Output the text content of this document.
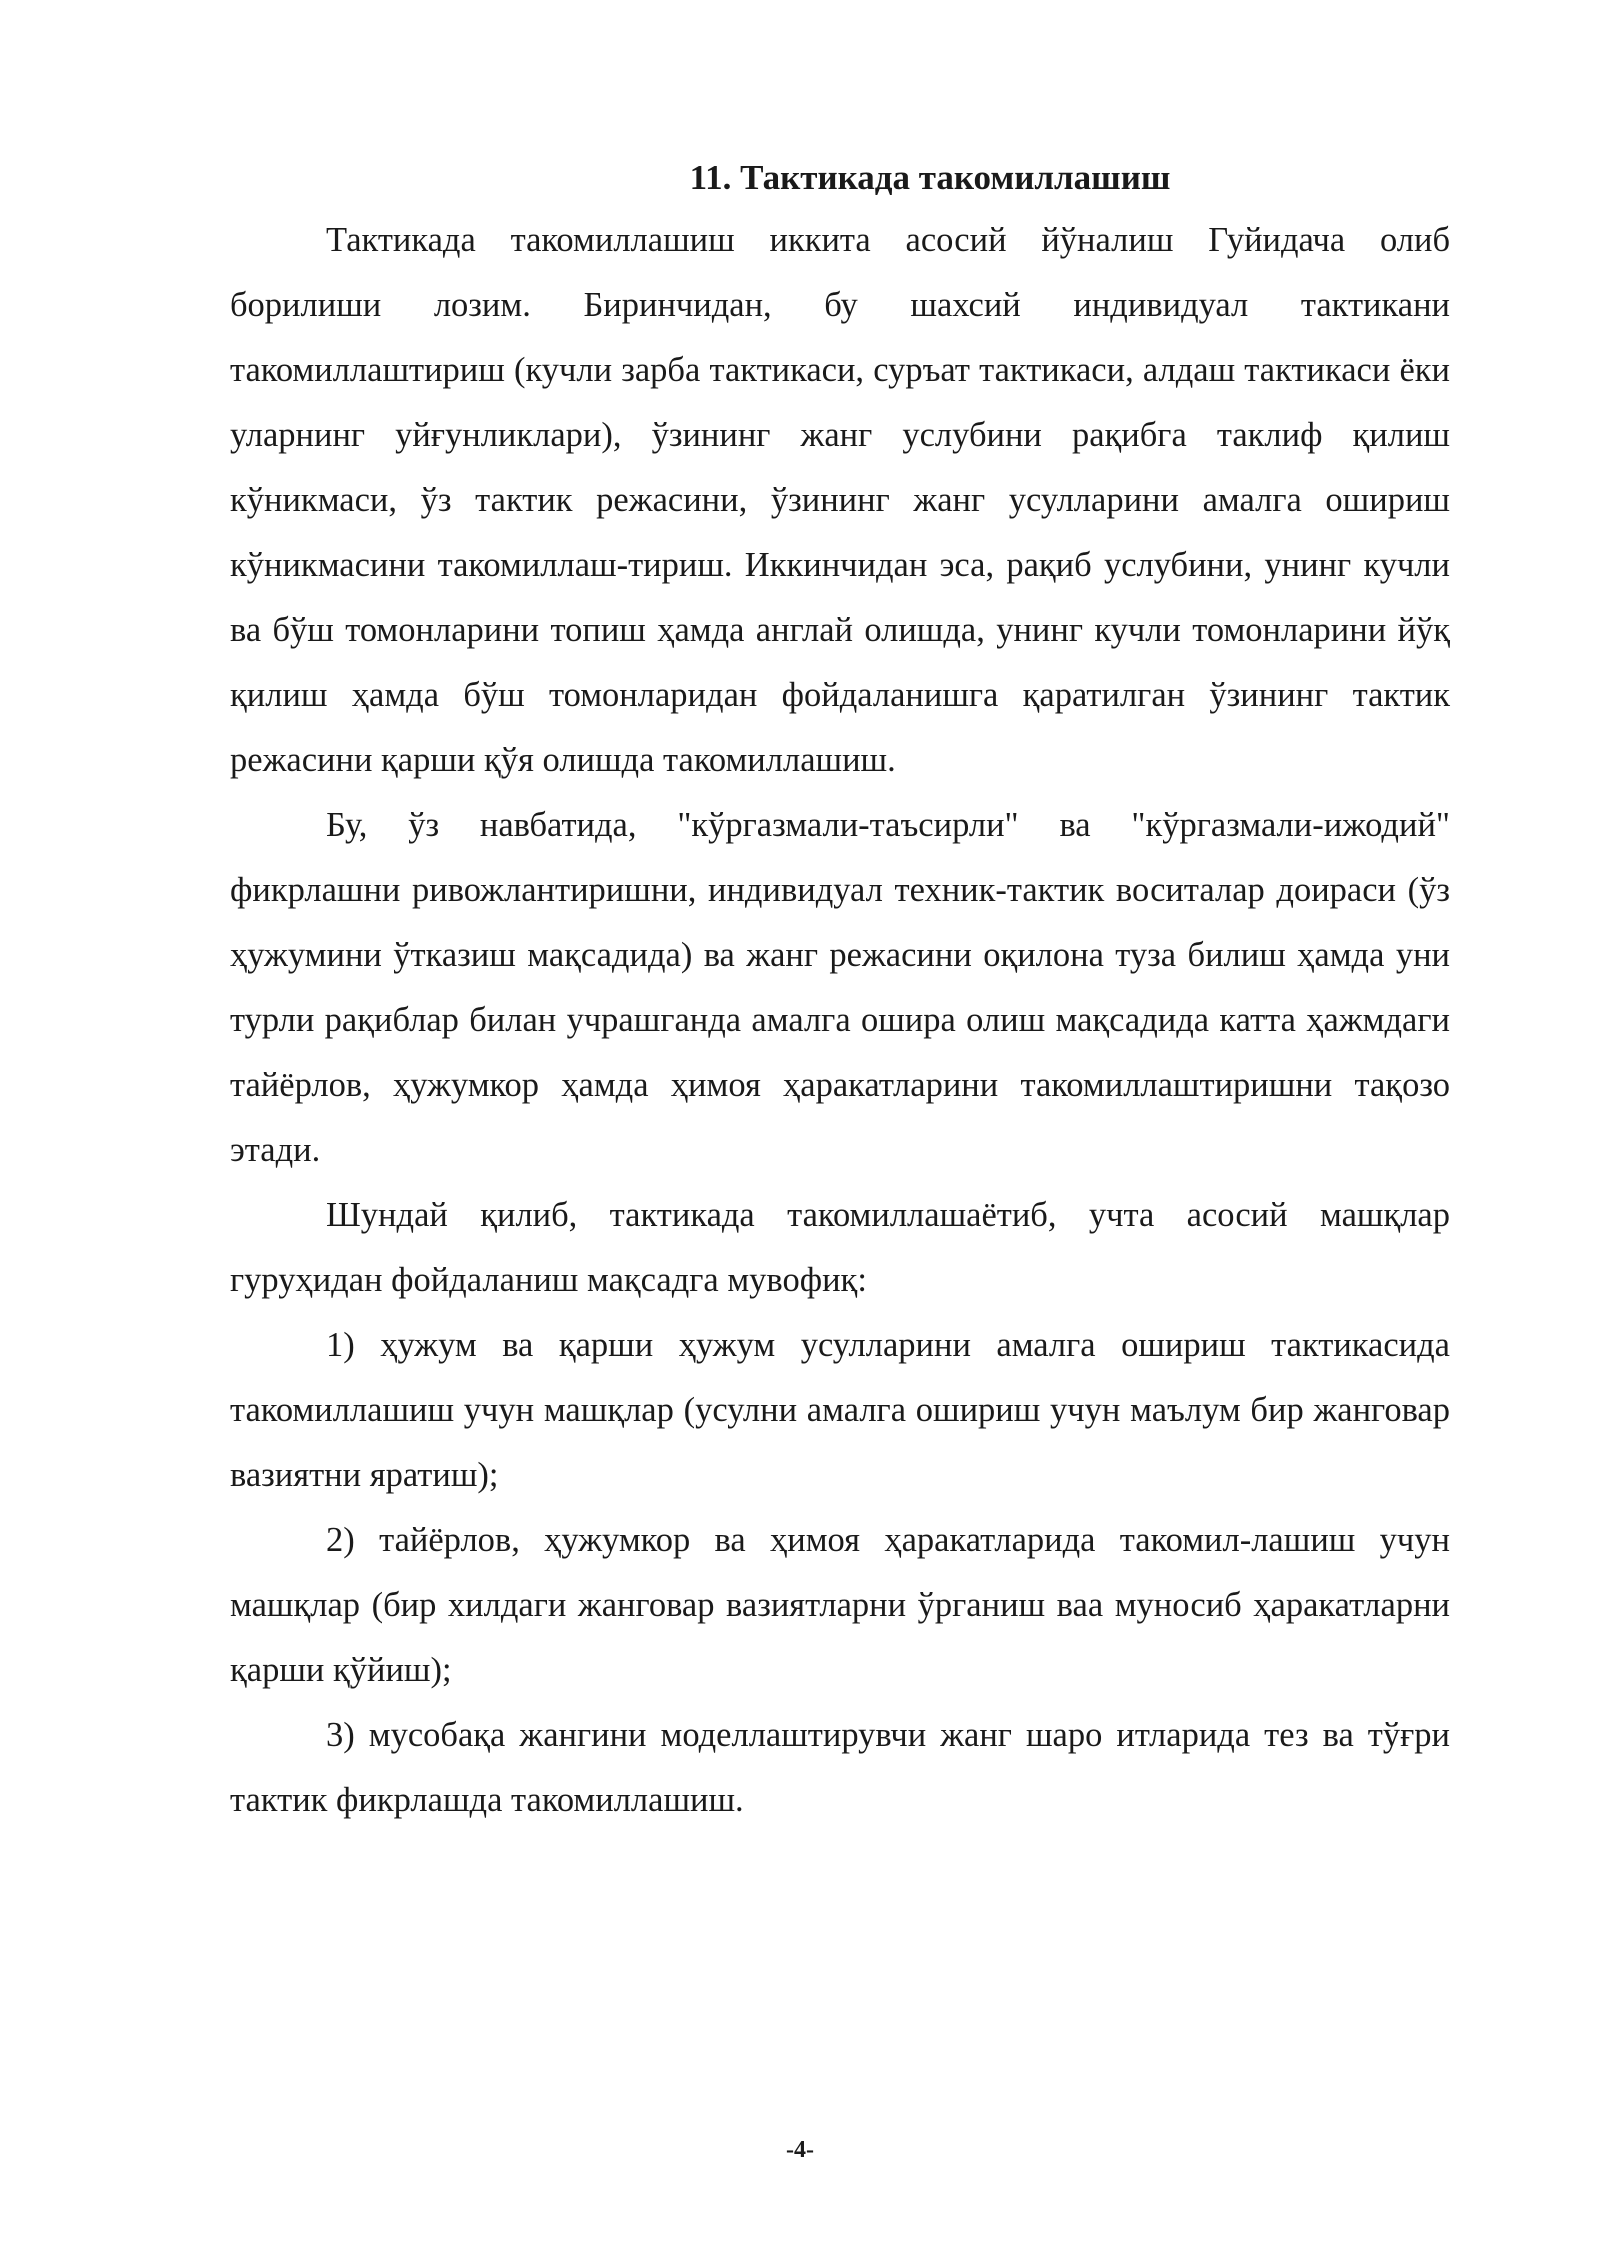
11. Тактикада такомиллашиш

Тактикада такомиллашиш иккита асосий йўналиш Гуйидача олиб борилиши лозим. Биринчидан, бу шахсий индивидуал тактикани такомиллаштириш (кучли зарба тактикаси, суръат тактикаси, алдаш тактикаси ёки уларнинг уйғунликлари), ўзининг жанг услубини рақибга таклиф қилиш кўникмаси, ўз тактик режасини, ўзининг жанг усулларини амалга ошириш кўникмасини такомиллаш-тириш. Иккинчидан эса, рақиб услубини, унинг кучли ва бўш томонларини топиш ҳамда англай олишда, унинг кучли томонларини йўқ қилиш ҳамда бўш томонларидан фойдаланишга қаратилган ўзининг тактик режасини қарши қўя олишда такомиллашиш.

Бу, ўз навбатида, "кўргазмали-таъсирли" ва "кўргазмали-ижодий" фикрлашни ривожлантиришни, индивидуал техник-тактик воситалар доираси (ўз ҳужумини ўтказиш мақсадида) ва жанг режасини оқилона туза билиш ҳамда уни турли рақиблар билан учрашганда амалга ошира олиш мақсадида катта ҳажмдаги тайёрлов, ҳужумкор ҳамда ҳимоя ҳаракатларини такомиллаштиришни тақозо этади.

Шундай қилиб, тактикада такомиллашаётиб, учта асосий машқлар гуруҳидан фойдаланиш мақсадга мувофиқ:

1) ҳужум ва қарши ҳужум усулларини амалга ошириш тактикасида такомиллашиш учун машқлар (усулни амалга ошириш учун маълум бир жанговар вазиятни яратиш);

2) тайёрлов, ҳужумкор ва ҳимоя ҳаракатларида такомил-лашиш учун машқлар (бир хилдаги жанговар вазиятларни ўрганиш ваа муносиб ҳаракатларни қарши қўйиш);

3) мусобақа жангини моделлаштирувчи жанг шаро итларида тез ва тўғри тактик фикрлашда такомиллашиш.

-4-
